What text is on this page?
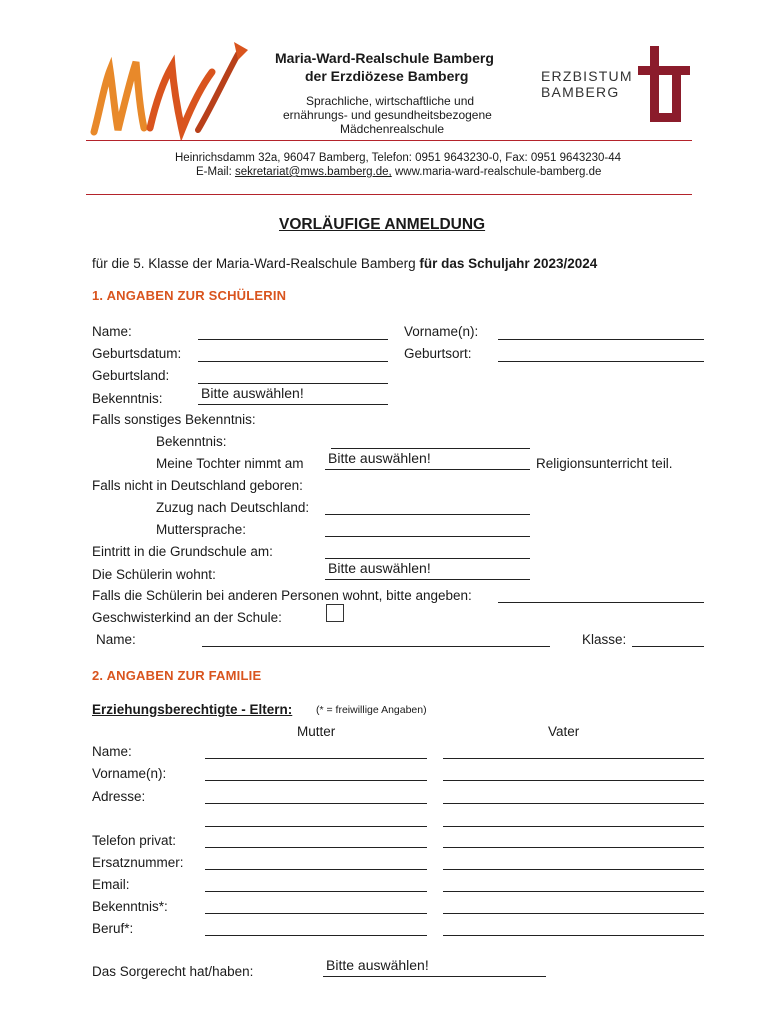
Maria-Ward-Realschule Bamberg
der Erzdiözese Bamberg
Sprachliche, wirtschaftliche und
ernährungs- und gesundheitsbezogene
Mädchenrealschule
ERZBISTUM
BAMBERG
Heinrichsdamm 32a, 96047 Bamberg, Telefon: 0951 9643230-0, Fax: 0951 9643230-44
E-Mail: sekretariat@mws.bamberg.de, www.maria-ward-realschule-bamberg.de
VORLÄUFIGE ANMELDUNG
für die 5. Klasse der Maria-Ward-Realschule Bamberg für das Schuljahr 2023/2024
1. ANGABEN ZUR SCHÜLERIN
Name:	Vorname(n):
Geburtsdatum:	Geburtsort:
Geburtsland:
Bekenntnis:	Bitte auswählen!
Falls sonstiges Bekenntnis:
Bekenntnis:
Meine Tochter nimmt am Bitte auswählen!	Religionsunterricht teil.
Falls nicht in Deutschland geboren:
Zuzug nach Deutschland:
Muttersprache:
Eintritt in die Grundschule am:
Die Schülerin wohnt:	Bitte auswählen!
Falls die Schülerin bei anderen Personen wohnt, bitte angeben:
Geschwisterkind an der Schule:
Name:	Klasse:
2. ANGABEN ZUR FAMILIE
Erziehungsberechtigte - Eltern: (* = freiwillige Angaben)
Mutter	Vater
Name:
Vorname(n):
Adresse:
Telefon privat:
Ersatznummer:
Email:
Bekenntnis*:
Beruf*:
Das Sorgerecht hat/haben:	Bitte auswählen!
